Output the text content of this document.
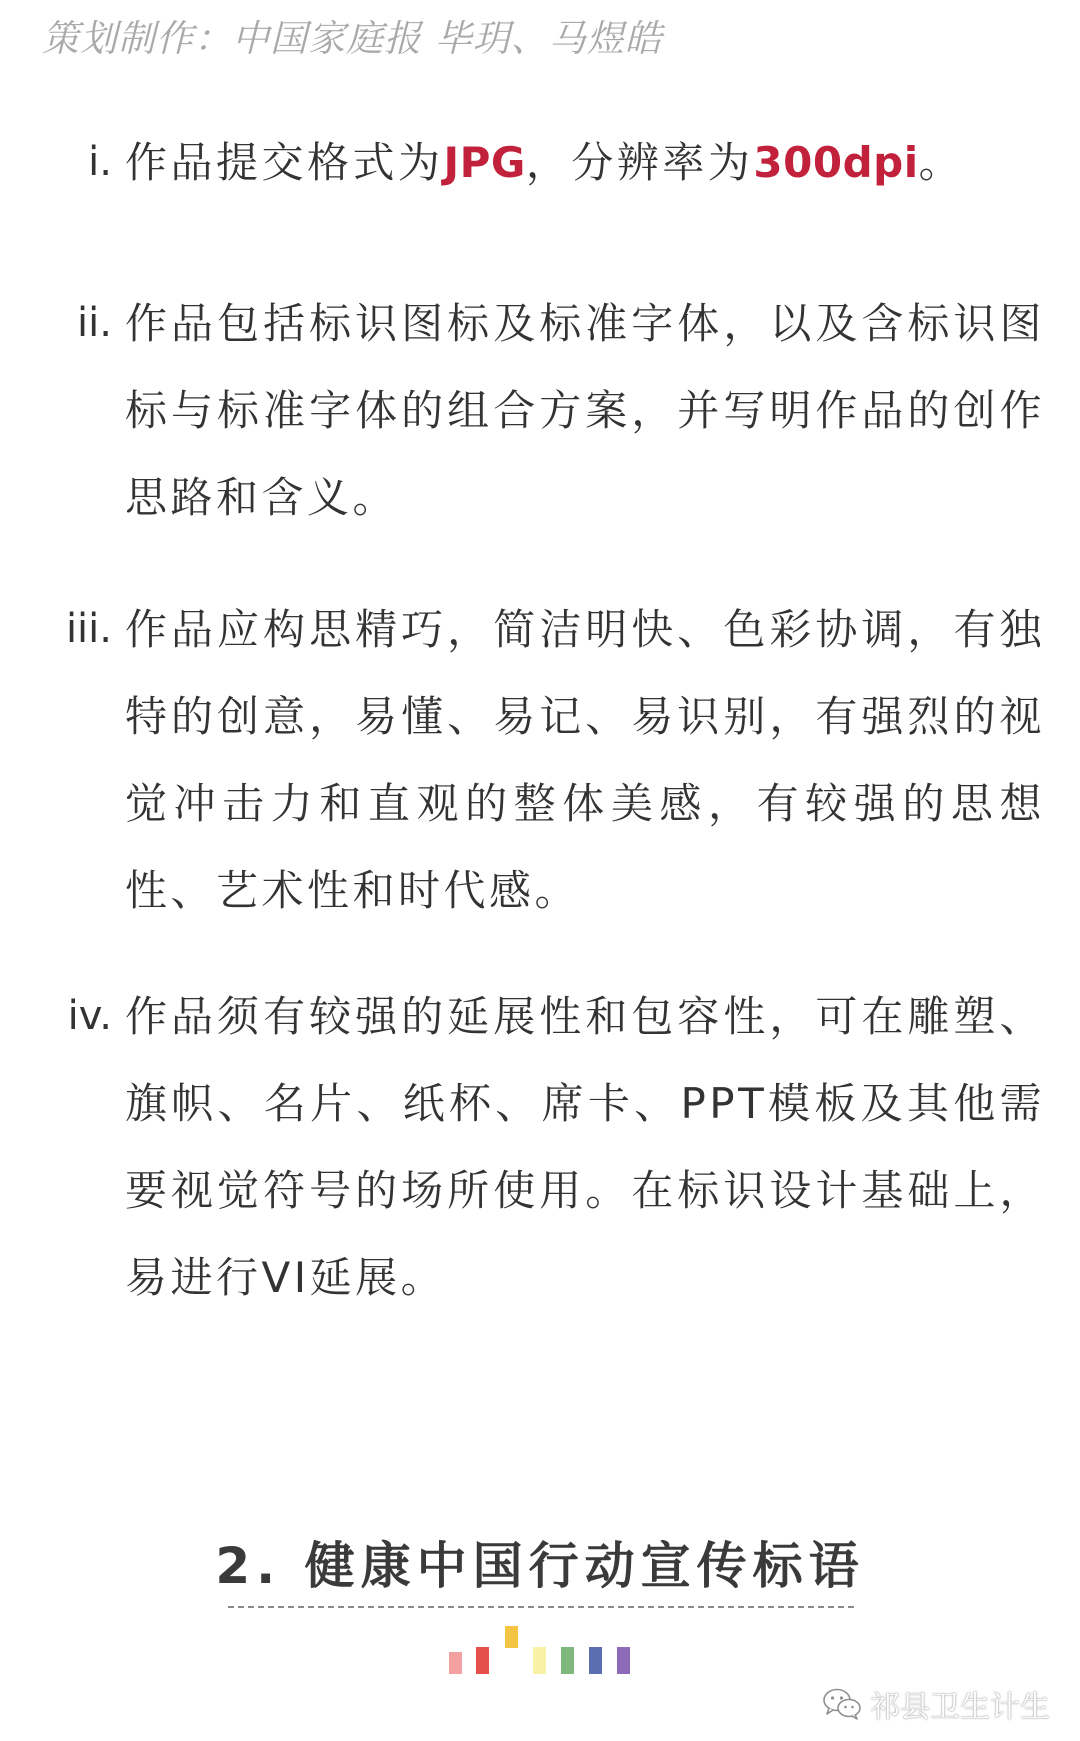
策划制作：中国家庭报 毕玥、马煜皓
i. 作品提交格式为JPG，分辨率为300dpi。
ii. 作品包括标识图标及标准字体，以及含标识图标与标准字体的组合方案，并写明作品的创作思路和含义。
iii. 作品应构思精巧，简洁明快、色彩协调，有独特的创意，易懂、易记、易识别，有强烈的视觉冲击力和直观的整体美感，有较强的思想性、艺术性和时代感。
iv. 作品须有较强的延展性和包容性，可在雕塑、旗帜、名片、纸杯、席卡、PPT模板及其他需要视觉符号的场所使用。在标识设计基础上，易进行VI延展。
2. 健康中国行动宣传标语
祁县卫生计生
